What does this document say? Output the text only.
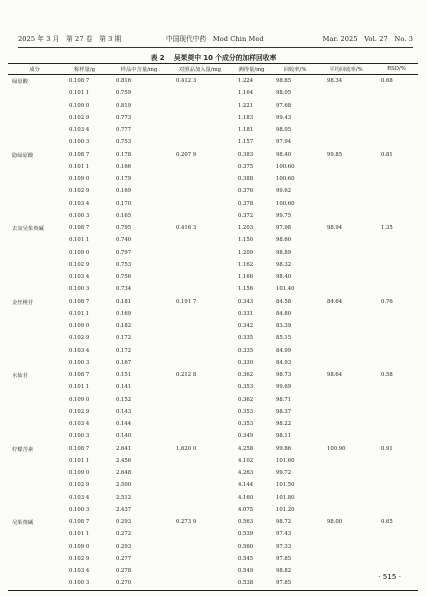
2025 年 3 月　第 27 卷　第 3 期	中国现代中药　Mod Chin Med	Mar. 2025　Vol. 27　No. 3
表 2 吴茱萸中 10 个成分的加样回收率
成分	称样量/g	样品中含量/mg	对照品加入量/mg	测得量/mg	回收率/%	平均回收率/%	RSD/%
绿原酸	0.108 7	0.816	0.412 3	1.224	98.85	98.34	0.68
	0.101 1	0.759		1.164	98.05		
	0.109 0	0.819		1.221	97.68		
	0.102 9	0.773		1.183	99.43		
	0.103 4	0.777		1.181	98.05		
	0.100 3	0.753		1.157	97.94		
隐绿原酸	0.108 7	0.178	0.207 9	0.383	98.40	99.85	0.81
	0.101 1	0.166		0.375	100.60		
	0.109 0	0.179		0.388	100.60		
	0.102 9	0.169		0.376	99.62		
	0.103 4	0.170		0.378	100.60		
	0.100 3	0.165		0.372	99.75		
去氢吴茱萸碱	0.108 7	0.795	0.416 3	1.203	97.98	98.94	1.35
	0.101 1	0.740		1.150	98.60		
	0.109 0	0.797		1.209	98.89		
	0.102 9	0.753		1.162	98.32		
	0.103 4	0.756		1.166	98.40		
	0.100 3	0.734		1.156	101.40		
金丝桃苷	0.108 7	0.181	0.191 7	0.343	84.58	84.64	0.76
	0.101 1	0.169		0.331	84.80		
	0.109 0	0.182		0.342	83.39		
	0.102 9	0.172		0.335	85.15		
	0.103 4	0.172		0.335	84.99		
	0.100 3	0.167		0.330	84.93		
水仙苷	0.108 7	0.151	0.212 8	0.362	98.73	98.64	0.58
	0.101 1	0.141		0.353	99.69		
	0.109 0	0.152		0.362	98.71		
	0.102 9	0.143		0.353	98.37		
	0.103 4	0.144		0.353	98.22		
	0.100 3	0.140		0.349	98.11		
柠檬苦素	0.108 7	2.641	1.620 0	4.258	99.86	100.90	0.91
	0.101 1	2.456		4.102	101.60		
	0.109 0	2.648		4.263	99.72		
	0.102 9	2.500		4.144	101.50		
	0.103 4	2.512		4.160	101.80		
	0.100 3	2.437		4.075	101.20		
吴茱萸碱	0.108 7	0.293	0.273 9	0.563	98.72	98.00	0.65
	0.101 1	0.272		0.539	97.43		
	0.109 0	0.293		0.560	97.33		
	0.102 9	0.277		0.545	97.85		
	0.103 4	0.278		0.549	98.82		
	0.100 3	0.270		0.538	97.85		
· 515 ·
